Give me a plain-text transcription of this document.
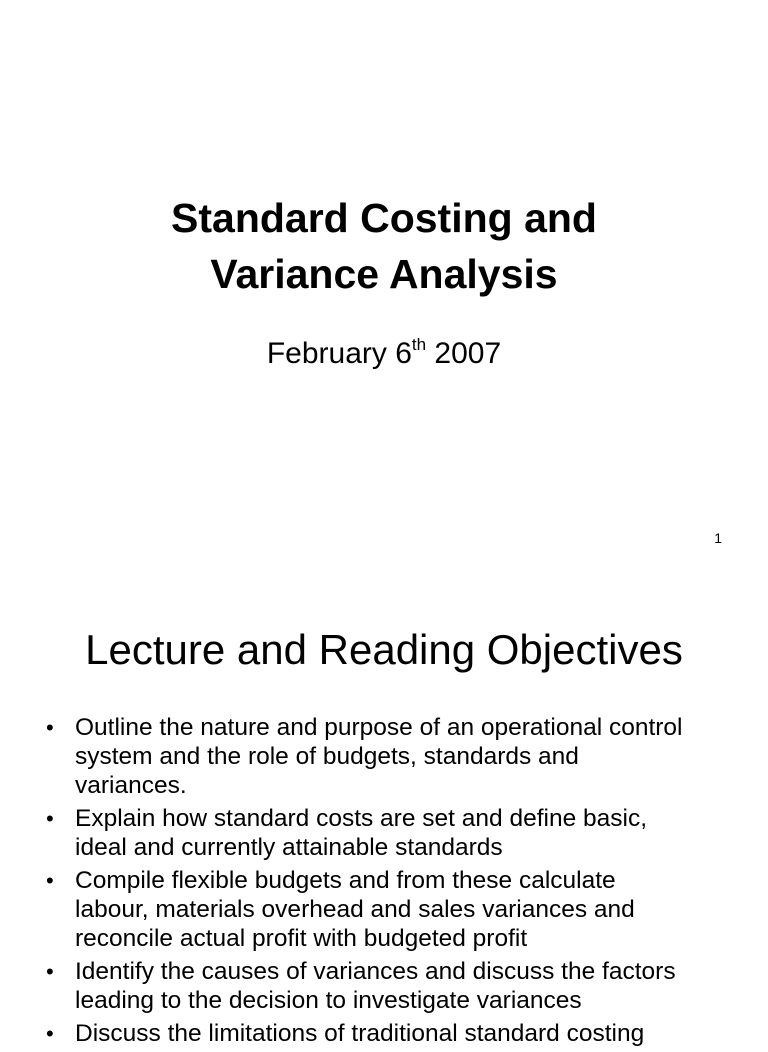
Standard Costing and
Variance Analysis
February 6th 2007
1
Lecture and Reading Objectives
• Outline the nature and purpose of an operational control
system and the role of budgets, standards and
variances.
• Explain how standard costs are set and define basic,
ideal and currently attainable standards
• Compile flexible budgets and from these calculate
labour, materials overhead and sales variances and
reconcile actual profit with budgeted profit
• Identify the causes of variances and discuss the factors
leading to the decision to investigate variances
• Discuss the limitations of traditional standard costing
